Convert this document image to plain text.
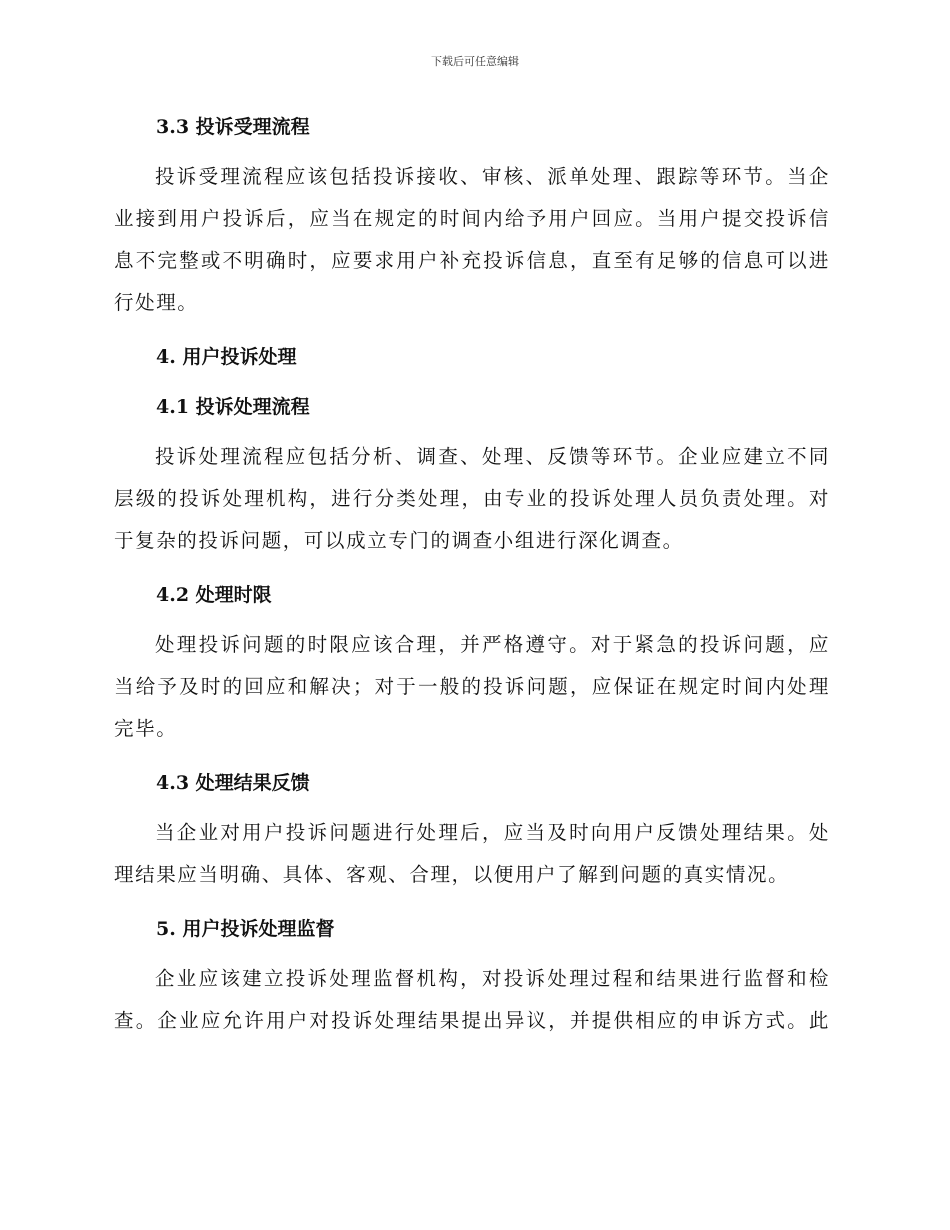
下载后可任意编辑
3.3 投诉受理流程

投诉受理流程应该包括投诉接收、审核、派单处理、跟踪等环节。当企
业接到用户投诉后，应当在规定的时间内给予用户回应。当用户提交投诉信
息不完整或不明确时，应要求用户补充投诉信息，直至有足够的信息可以进
行处理。

4. 用户投诉处理
4.1 投诉处理流程

投诉处理流程应包括分析、调查、处理、反馈等环节。企业应建立不同
层级的投诉处理机构，进行分类处理，由专业的投诉处理人员负责处理。对
于复杂的投诉问题，可以成立专门的调查小组进行深化调查。

4.2 处理时限

处理投诉问题的时限应该合理，并严格遵守。对于紧急的投诉问题，应
当给予及时的回应和解决；对于一般的投诉问题，应保证在规定时间内处理
完毕。

4.3 处理结果反馈

当企业对用户投诉问题进行处理后，应当及时向用户反馈处理结果。处
理结果应当明确、具体、客观、合理，以便用户了解到问题的真实情况。

5. 用户投诉处理监督

企业应该建立投诉处理监督机构，对投诉处理过程和结果进行监督和检
查。企业应允许用户对投诉处理结果提出异议，并提供相应的申诉方式。此
